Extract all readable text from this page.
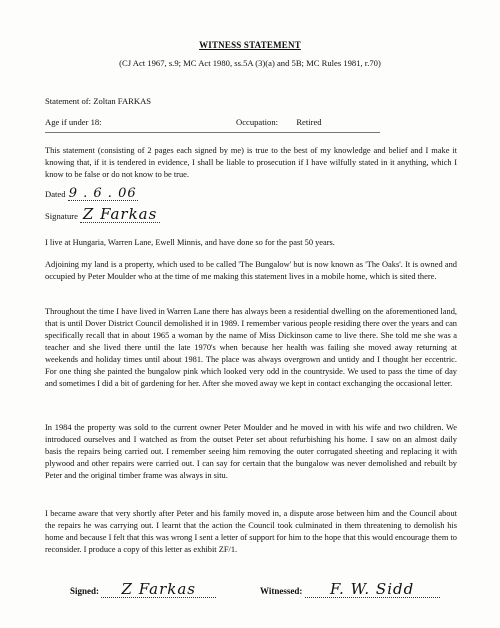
WITNESS STATEMENT
(CJ Act 1967, s.9; MC Act 1980, ss.5A (3)(a) and 5B; MC Rules 1981, r.70)
Statement of: Zoltan FARKAS
Age if under 18:	Occupation: Retired
This statement (consisting of 2 pages each signed by me) is true to the best of my knowledge and belief and I make it knowing that, if it is tendered in evidence, I shall be liable to prosecution if I have wilfully stated in it anything, which I know to be false or do not know to be true.
Dated 9 . 6 . 06
Signature Z Farkas
I live at Hungaria, Warren Lane, Ewell Minnis, and have done so for the past 50 years.
Adjoining my land is a property, which used to be called 'The Bungalow' but is now known as 'The Oaks'. It is owned and occupied by Peter Moulder who at the time of me making this statement lives in a mobile home, which is sited there.
Throughout the time I have lived in Warren Lane there has always been a residential dwelling on the aforementioned land, that is until Dover District Council demolished it in 1989. I remember various people residing there over the years and can specifically recall that in about 1965 a woman by the name of Miss Dickinson came to live there. She told me she was a teacher and she lived there until the late 1970's when because her health was failing she moved away returning at weekends and holiday times until about 1981. The place was always overgrown and untidy and I thought her eccentric. For one thing she painted the bungalow pink which looked very odd in the countryside. We used to pass the time of day and sometimes I did a bit of gardening for her. After she moved away we kept in contact exchanging the occasional letter.
In 1984 the property was sold to the current owner Peter Moulder and he moved in with his wife and two children. We introduced ourselves and I watched as from the outset Peter set about refurbishing his home. I saw on an almost daily basis the repairs being carried out. I remember seeing him removing the outer corrugated sheeting and replacing it with plywood and other repairs were carried out. I can say for certain that the bungalow was never demolished and rebuilt by Peter and the original timber frame was always in situ.
I became aware that very shortly after Peter and his family moved in, a dispute arose between him and the Council about the repairs he was carrying out. I learnt that the action the Council took culminated in them threatening to demolish his home and because I felt that this was wrong I sent a letter of support for him to the hope that this would encourage them to reconsider. I produce a copy of this letter as exhibit ZF/1.
Signed: Z Farkas	Witnessed: F. W. Sidd
